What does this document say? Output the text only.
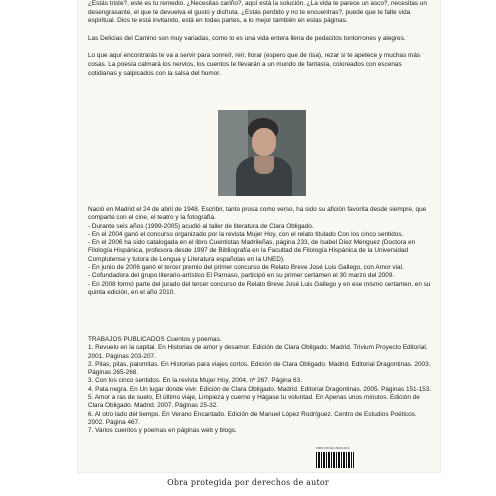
¿Estás triste?, este es tu remedio. ¿Necesitas cariño?, aquí está la solución. ¿La vida te parece un asco?, necesitas un desengrasante, el que te devuelva el gusto y disfruta. ¿Estás perdido y no te encuentras?, puede que te falte vida espiritual. Dios te está invitando, está en todas partes, a lo mejor también en estas páginas.

Las Delicias del Camino son muy variadas, como lo es una vida entera llena de pedacitos tontorrones y alegres.

Lo que aquí encontrarás te va a servir para sonreír, reír, llorar (espero que de risa), rezar si te apetece y muchas más cosas. La poesía calmará los nervios, los cuentos te llevarán a un mundo de fantasía, coloreados con escenas cotidianas y salpicados con la salsa del humor.

Nació en Madrid el 24 de abril de 1948. Escribir, tanto prosa como verso, ha sido su afición favorita desde siempre, que comparte con el cine, el teatro y la fotografía.

- Durante seis años (1999-2005) acudió al taller de literatura de Clara Obligado.

- En el 2004 ganó el concurso organizado por la revista Mujer Hoy, con el relato titulado Con los cinco sentidos.

- En el 2006 ha sido catalogada en el libro Cuentistas Madrileñas, página 233, de Isabel Díez Ménguez (Doctora en Filología Hispánica, profesora desde 1997 de Bibliografía en la Facultad de Filología Hispánica de la Universidad Complutense y tutora de Lengua y Literatura españolas en la UNED).

- En junio de 2006 ganó el tercer premio del primer concurso de Relato Breve José Luis Gallego, con Amor vial.

- Cofundadora del grupo literario-artístico El Parnaso, participó en su primer certamen el 30 marzo del 2009.

- En 2008 formó parte del jurado del tercer concurso de Relato Breve José Luis Gallego y en ese mismo certamen, en su quinta edición, en el año 2010.

TRABAJOS PUBLICADOS Cuentos y poemas.

1. Revuelo en la capital. En Historias de amor y desamor. Edición de Clara Obligado. Madrid. Trivium Proyecto Editorial. 2001. Páginas 203-207.

2. Pitas, pitas, palomitas. En Historias para viajes cortos. Edición de Clara Obligado. Madrid. Editorial Dragontinas. 2003. Páginas 265-268.

3. Con los cinco sentidos. En la revista Mujer Hoy, 2004, nº 267. Página 63.

4. Pata negra. En Un lugar donde vivir. Edición de Clara Obligado. Madrid. Editorial Dragontinas. 2005. Páginas 151-153.

5. Amor a ras de suelo, El último viaje, Limpieza y cuerno y Hágase tu voluntad. En Apenas unos minutos. Edición de Clara Obligado. Madrid. 2007. Páginas 25-32.

6. Al otro lado del tiempo. En Verano Encantado. Edición de Manuel López Rodríguez. Centro de Estudios Poéticos. 2002. Página 467.

7. Varios cuentos y poemas en páginas web y blogs.

ISBN 978-84-15490-28-9
Obra protegida por derechos de autor
